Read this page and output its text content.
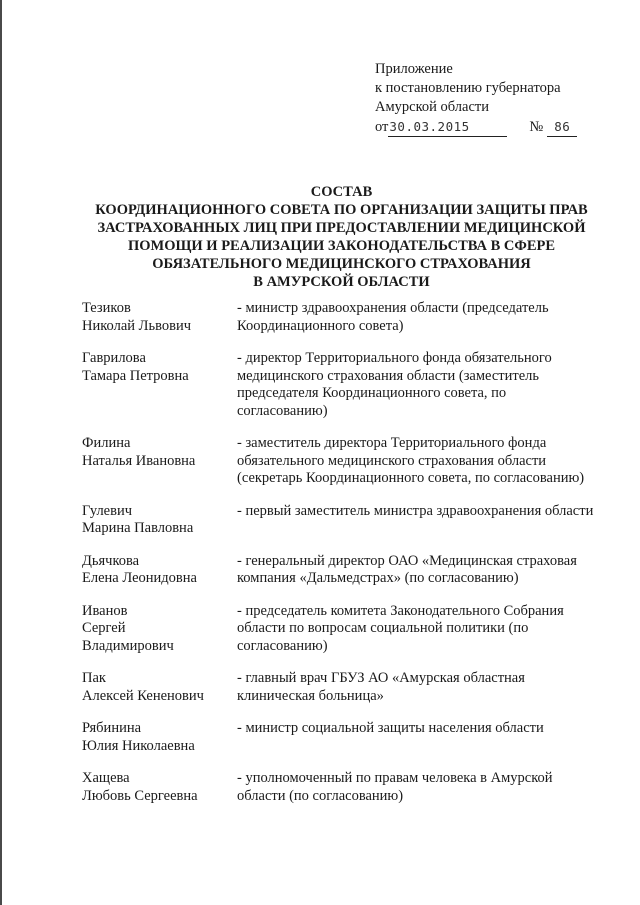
Приложение
к постановлению губернатора
Амурской области
от 30.03.2015	№ 86
СОСТАВ
КООРДИНАЦИОННОГО СОВЕТА ПО ОРГАНИЗАЦИИ ЗАЩИТЫ ПРАВ
ЗАСТРАХОВАННЫХ ЛИЦ ПРИ ПРЕДОСТАВЛЕНИИ МЕДИЦИНСКОЙ
ПОМОЩИ И РЕАЛИЗАЦИИ ЗАКОНОДАТЕЛЬСТВА В СФЕРЕ
ОБЯЗАТЕЛЬНОГО МЕДИЦИНСКОГО СТРАХОВАНИЯ
В АМУРСКОЙ ОБЛАСТИ
Тезиков
Николай Львович
- министр здравоохранения области (председатель Координационного совета)
Гаврилова
Тамара Петровна
- директор Территориального фонда обязательного медицинского страхования области (заместитель председателя Координационного совета, по согласованию)
Филина
Наталья Ивановна
- заместитель директора Территориального фонда обязательного медицинского страхования области (секретарь Координационного совета, по согласованию)
Гулевич
Марина Павловна
- первый заместитель министра здравоохранения области
Дьячкова
Елена Леонидовна
- генеральный директор ОАО «Медицинская страховая компания «Дальмедстрах» (по согласованию)
Иванов
Сергей
Владимирович
- председатель комитета Законодательного Собрания области по вопросам социальной политики (по согласованию)
Пак
Алексей Кененович
- главный врач ГБУЗ АО «Амурская областная клиническая больница»
Рябинина
Юлия Николаевна
- министр социальной защиты населения области
Хащева
Любовь Сергеевна
- уполномоченный по правам человека в Амурской области (по согласованию)
